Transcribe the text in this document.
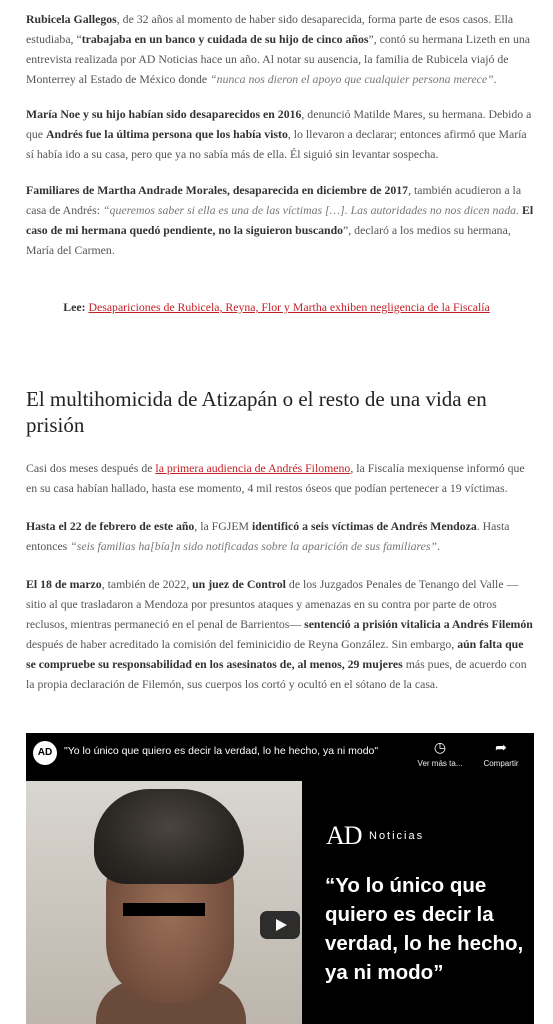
Rubicela Gallegos, de 32 años al momento de haber sido desaparecida, forma parte de esos casos. Ella estudiaba, “trabajaba en un banco y cuidada de su hijo de cinco años”, contó su hermana Lizeth en una entrevista realizada por AD Noticias hace un año. Al notar su ausencia, la familia de Rubicela viajó de Monterrey al Estado de México donde “nunca nos dieron el apoyo que cualquier persona merece”.

María Noe y su hijo habían sido desaparecidos en 2016, denunció Matilde Mares, su hermana. Debido a que Andrés fue la última persona que los había visto, lo llevaron a declarar; entonces afirmó que María sí había ido a su casa, pero que ya no sabía más de ella. Él siguió sin levantar sospecha.

Familiares de Martha Andrade Morales, desaparecida en diciembre de 2017, también acudieron a la casa de Andrés: “queremos saber si ella es una de las víctimas […]. Las autoridades no nos dicen nada. El caso de mi hermana quedó pendiente, no la siguieron buscando”, declaró a los medios su hermana, María del Carmen.

Lee: Desapariciones de Rubicela, Reyna, Flor y Martha exhiben negligencia de la Fiscalía
El multihomicida de Atizapán o el resto de una vida en prisión

Casi dos meses después de la primera audiencia de Andrés Filomeno, la Fiscalía mexiquense informó que en su casa habían hallado, hasta ese momento, 4 mil restos óseos que podían pertenecer a 19 víctimas.

Hasta el 22 de febrero de este año, la FGJEM identificó a seis víctimas de Andrés Mendoza. Hasta entonces “seis familias ha[bía]n sido notificadas sobre la aparición de sus familiares”.

El 18 de marzo, también de 2022, un juez de Control de los Juzgados Penales de Tenango del Valle —sitio al que trasladaron a Mendoza por presuntos ataques y amenazas en su contra por parte de otros reclusos, mientras permaneció en el penal de Barrientos— sentenció a prisión vitalicia a Andrés Filemón después de haber acreditado la comisión del feminicidio de Reyna González. Sin embargo, aún falta que se compruebe su responsabilidad en los asesinatos de, al menos, 29 mujeres más pues, de acuerdo con la propia declaración de Filemón, sus cuerpos los cortó y ocultó en el sótano de la casa.

AD Noticias
“Yo lo único que quiero es decir la verdad, lo he hecho, ya ni modo”
AD	"Yo lo único que quiero es decir la verdad, lo he hecho, ya ni modo"	◷
Ver más ta...
➦
Compartir
